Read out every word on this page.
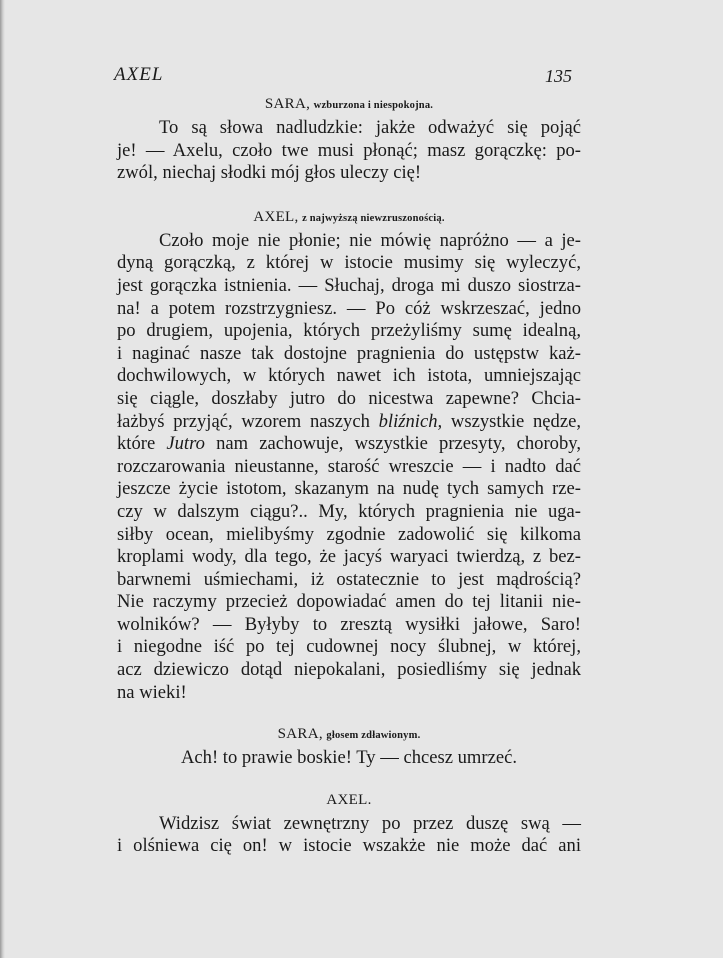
AXEL	135
SARA, wzburzona i niespokojna.
To są słowa nadludzkie: jakże odważyć się pojąć
je! — Axelu, czoło twe musi płonąć; masz gorączkę: po-
zwól, niechaj słodki mój głos uleczy cię!
AXEL, z najwyższą niewzruszonością.
Czoło moje nie płonie; nie mówię napróżno — a je-
dyną gorączką, z której w istocie musimy się wyleczyć,
jest gorączka istnienia. — Słuchaj, droga mi duszo siostrza-
na! a potem rozstrzygniesz. — Po cóż wskrzeszać, jedno
po drugiem, upojenia, których przeżyliśmy sumę idealną,
i naginać nasze tak dostojne pragnienia do ustępstw każ-
dochwilowych, w których nawet ich istota, umniejszając
się ciągle, doszłaby jutro do nicestwa zapewne? Chcia-
łażbyś przyjąć, wzorem naszych bliźnich, wszystkie nędze,
które Jutro nam zachowuje, wszystkie przesyty, choroby,
rozczarowania nieustanne, starość wreszcie — i nadto dać
jeszcze życie istotom, skazanym na nudę tych samych rze-
czy w dalszym ciągu?.. My, których pragnienia nie uga-
siłby ocean, mielibyśmy zgodnie zadowolić się kilkoma
kroplami wody, dla tego, że jacyś waryaci twierdzą, z bez-
barwnemi uśmiechami, iż ostatecznie to jest mądrością?
Nie raczymy przecież dopowiadać amen do tej litanii nie-
wolników? — Byłyby to zresztą wysiłki jałowe, Saro!
i niegodne iść po tej cudownej nocy ślubnej, w której,
acz dziewiczo dotąd niepokalani, posiedliśmy się jednak
na wieki!
SARA, głosem zdławionym.
Ach! to prawie boskie! Ty — chcesz umrzeć.
AXEL.
Widzisz świat zewnętrzny po przez duszę swą —
i olśniewa cię on! w istocie wszakże nie może dać ani
